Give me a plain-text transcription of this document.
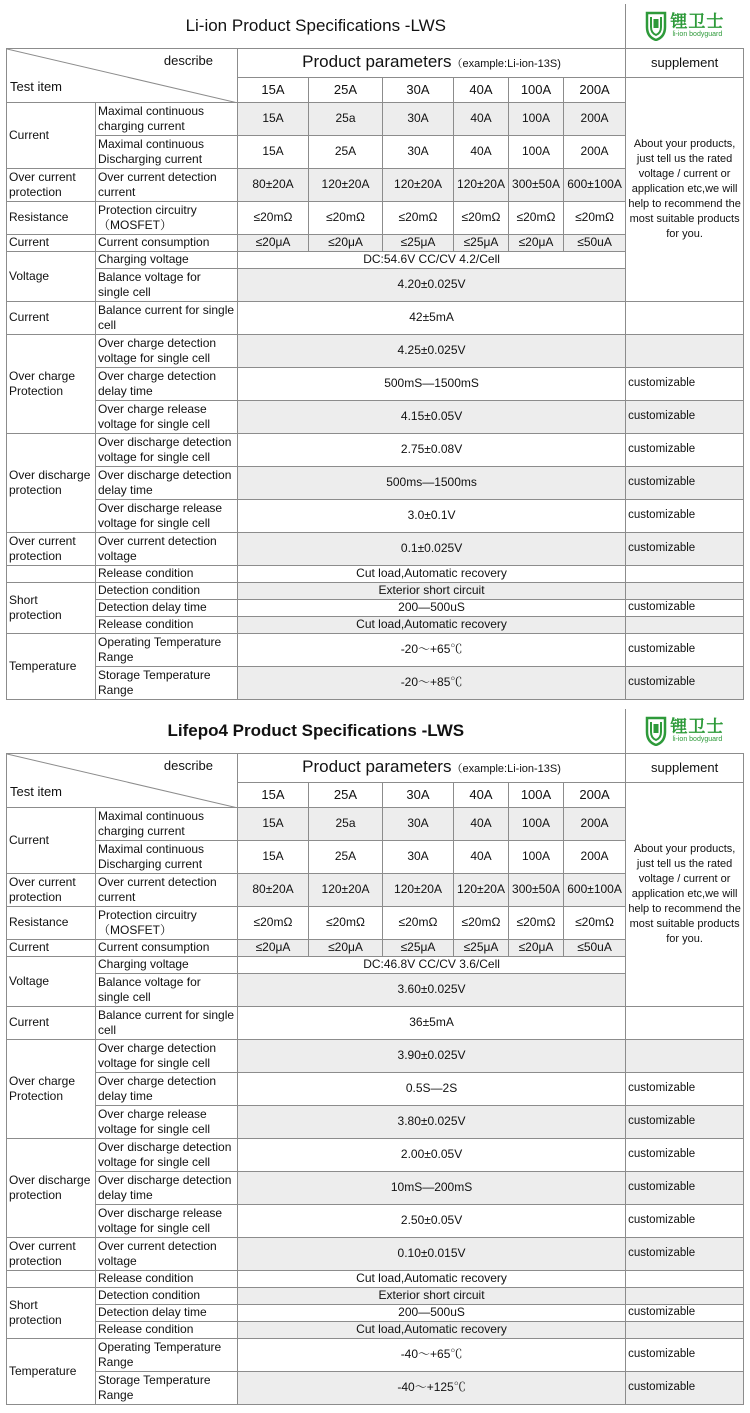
Li-ion Product Specifications -LWS								锂卫士
li-ion bodyguard	

describe
Test item		Product parameters（example:Li-ion-13S)						supplement	
		15A	25A	30A	40A	100A	200A	About your products, just tell us the rated voltage / current or application etc,we will help to recommend the most suitable products for you.	
Current	Maximal continuous charging current	15A	25a	30A	40A	100A	200A		
	Maximal continuous Discharging current	15A	25A	30A	40A	100A	200A		
Over current protection	Over current detection current	80±20A	120±20A	120±20A	120±20A	300±50A	600±100A		
Resistance	Protection circuitry （MOSFET）	≤20mΩ	≤20mΩ	≤20mΩ	≤20mΩ	≤20mΩ	≤20mΩ		
Current	Current consumption	≤20μA	≤20μA	≤25μA	≤25μA	≤20μA	≤50uA		
Voltage	Charging voltage	DC:54.6V CC/CV 4.2/Cell							
	Balance voltage for single cell	4.20±0.025V							
Current	Balance current for single cell	42±5mA							
Over charge Protection	Over charge detection voltage for single cell	4.25±0.025V							
	Over charge detection delay time	500mS—1500mS						customizable	
	Over charge release voltage for single cell	4.15±0.05V						customizable	
Over discharge protection	Over discharge detection voltage for single cell	2.75±0.08V						customizable	
	Over discharge detection delay time	500ms—1500ms						customizable	
	Over discharge release voltage for single cell	3.0±0.1V						customizable	
Over current protection	Over current detection voltage	0.1±0.025V						customizable	
	Release condition	Cut load,Automatic recovery							
Short protection	Detection condition	Exterior short circuit							
	Detection delay time	200—500uS						customizable	
	Release condition	Cut load,Automatic recovery							
Temperature	Operating Temperature Range	-20～+65℃						customizable	
	Storage Temperature Range	-20～+85℃						customizable	
Lifepo4 Product Specifications -LWS								锂卫士
li-ion bodyguard	

describe
Test item		Product parameters（example:Li-ion-13S)						supplement	
		15A	25A	30A	40A	100A	200A	About your products, just tell us the rated voltage / current or application etc,we will help to recommend the most suitable products for you.	
Current	Maximal continuous charging current	15A	25a	30A	40A	100A	200A		
	Maximal continuous Discharging current	15A	25A	30A	40A	100A	200A		
Over current protection	Over current detection current	80±20A	120±20A	120±20A	120±20A	300±50A	600±100A		
Resistance	Protection circuitry （MOSFET）	≤20mΩ	≤20mΩ	≤20mΩ	≤20mΩ	≤20mΩ	≤20mΩ		
Current	Current consumption	≤20μA	≤20μA	≤25μA	≤25μA	≤20μA	≤50uA		
Voltage	Charging voltage	DC:46.8V CC/CV 3.6/Cell							
	Balance voltage for single cell	3.60±0.025V							
Current	Balance current for single cell	36±5mA							
Over charge Protection	Over charge detection voltage for single cell	3.90±0.025V							
	Over charge detection delay time	0.5S—2S						customizable	
	Over charge release voltage for single cell	3.80±0.025V						customizable	
Over discharge protection	Over discharge detection voltage for single cell	2.00±0.05V						customizable	
	Over discharge detection delay time	10mS—200mS						customizable	
	Over discharge release voltage for single cell	2.50±0.05V						customizable	
Over current protection	Over current detection voltage	0.10±0.015V						customizable	
	Release condition	Cut load,Automatic recovery							
Short protection	Detection condition	Exterior short circuit							
	Detection delay time	200—500uS						customizable	
	Release condition	Cut load,Automatic recovery							
Temperature	Operating Temperature Range	-40～+65℃						customizable	
	Storage Temperature Range	-40～+125℃						customizable	
